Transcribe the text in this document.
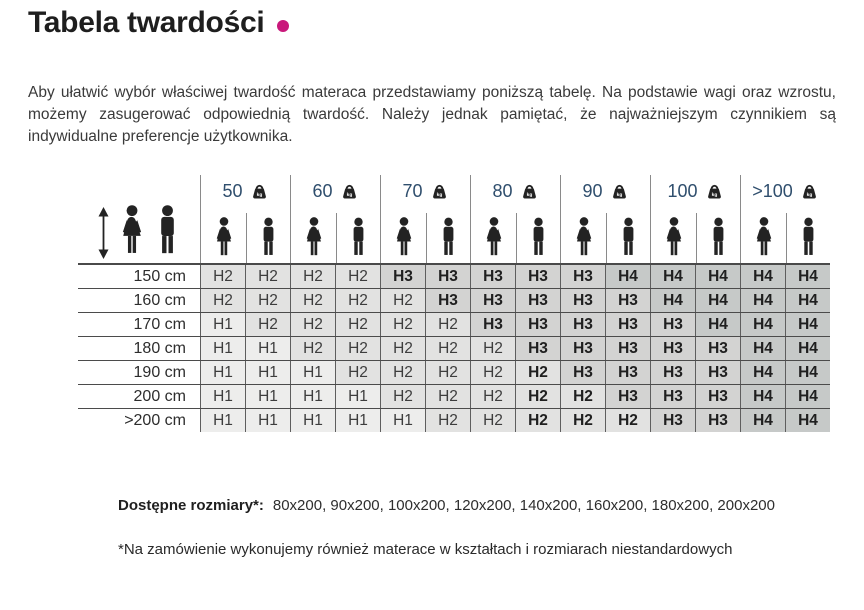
Tabela twardości

Aby ułatwić wybór właściwej twardość materaca przedstawiamy poniższą tabelę. Na podstawie wagi oraz wzrostu, możemy zasugerować odpowiednią twardość. Należy jednak pamiętać, że najważniejszym czynnikiem są indywidualne preferencje użytkownika.

50 kg	60 kg	70 kg	80 kg	90 kg	100 kg >100 kg
150 cm	H2	H2	H2	H2	H3	H3	H3	H3	H3	H4	H4	H4	H4	H4
160 cm	H2	H2	H2	H2	H2	H3	H3	H3	H3	H3	H4	H4	H4	H4
170 cm	H1	H2	H2	H2	H2	H2	H3	H3	H3	H3	H3	H4	H4	H4
180 cm	H1	H1	H2	H2	H2	H2	H2	H3	H3	H3	H3	H3	H4	H4
190 cm	H1	H1	H1	H2	H2	H2	H2	H2	H3	H3	H3	H3	H4	H4
200 cm	H1	H1	H1	H1	H2	H2	H2	H2	H2	H3	H3	H3	H4	H4
>200 cm	H1	H1	H1	H1	H1	H2	H2	H2	H2	H2	H3	H3	H4	H4
Dostępne rozmiary*: 80x200, 90x200, 100x200, 120x200, 140x200, 160x200, 180x200, 200x200
*Na zamówienie wykonujemy również materace w kształtach i rozmiarach niestandardowych
